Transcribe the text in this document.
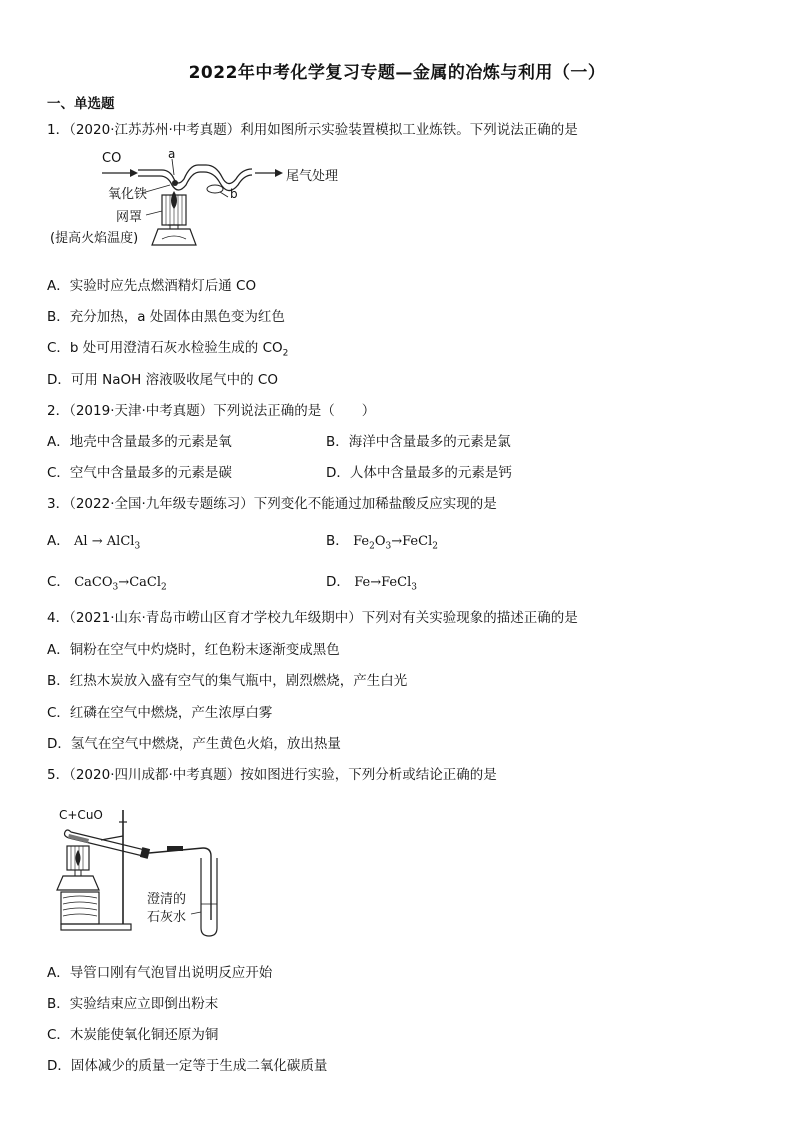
2022年中考化学复习专题—金属的冶炼与利用（一）
一、单选题
1．（2020·江苏苏州·中考真题）利用如图所示实验装置模拟工业炼铁。下列说法正确的是
CO	a
b
尾气处理
氧化铁
网罩
(提高火焰温度)
A．实验时应先点燃酒精灯后通 CO
B．充分加热，a 处固体由黑色变为红色
C．b 处可用澄清石灰水检验生成的 $CO_2$
D．可用 NaOH 溶液吸收尾气中的 CO
2．（2019·天津·中考真题）下列说法正确的是（　　）
A．地壳中含量最多的元素是氧	B．海洋中含量最多的元素是氯
C．空气中含量最多的元素是碳	D．人体中含量最多的元素是钙
3．（2022·全国·九年级专题练习）下列变化不能通过加稀盐酸反应实现的是
A． Al → AlCl$_3$	B． $Fe_2O_3\to FeCl_2$
C． CaCO$_3$→CaCl$_2$	D． Fe→FeCl$_3$
4．（2021·山东·青岛市崂山区育才学校九年级期中）下列对有关实验现象的描述正确的是
A．铜粉在空气中灼烧时，红色粉末逐渐变成黑色
B．红热木炭放入盛有空气的集气瓶中，剧烈燃烧，产生白光
C．红磷在空气中燃烧，产生浓厚白雾
D．氢气在空气中燃烧，产生黄色火焰，放出热量
5．（2020·四川成都·中考真题）按如图进行实验，下列分析或结论正确的是
C+CuO
澄清的
石灰水
A．导管口刚有气泡冒出说明反应开始
B．实验结束应立即倒出粉末
C．木炭能使氧化铜还原为铜
D．固体减少的质量一定等于生成二氧化碳质量
